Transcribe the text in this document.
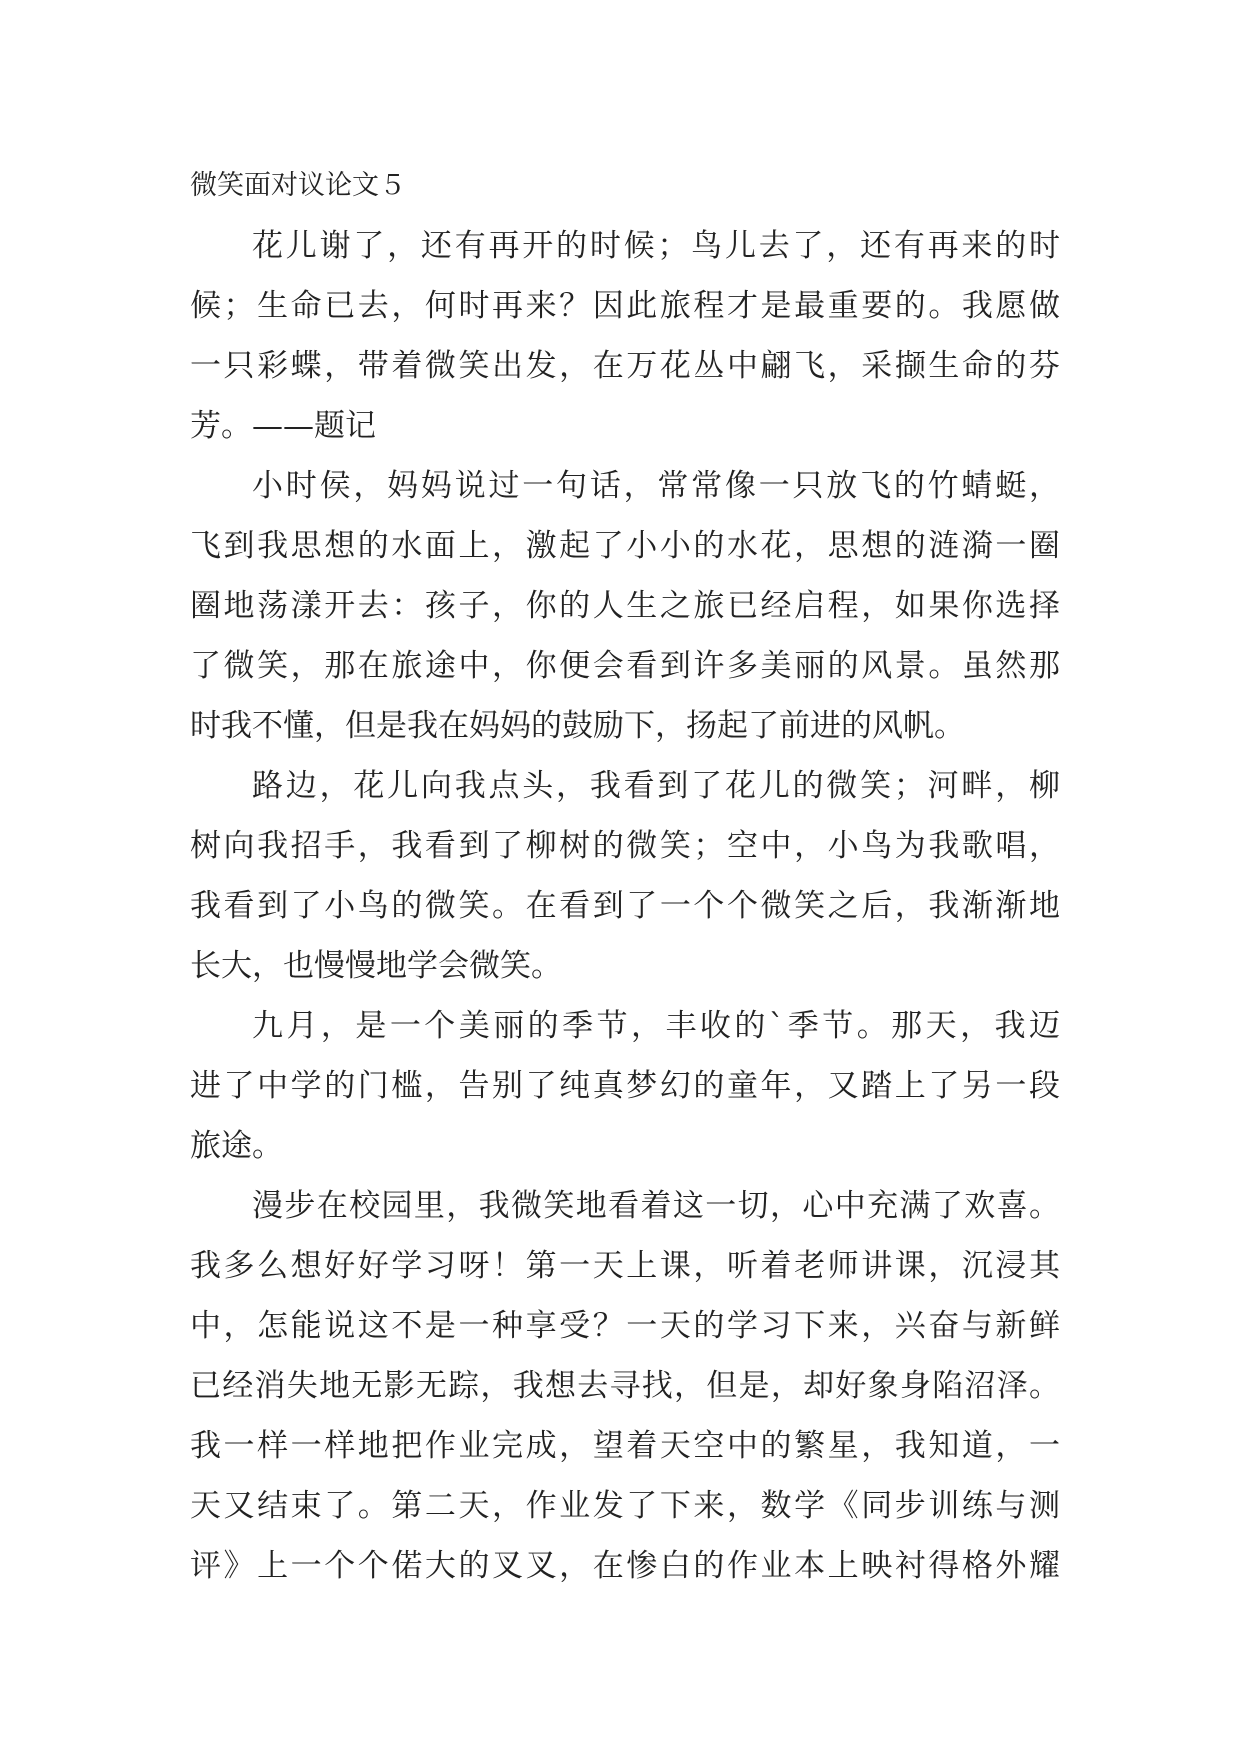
微笑面对议论文５
花儿谢了，还有再开的时候；鸟儿去了，还有再来的时
候；生命已去，何时再来？因此旅程才是最重要的。我愿做
一只彩蝶，带着微笑出发，在万花丛中翩飞，采撷生命的芬
芳。——题记
小时侯，妈妈说过一句话，常常像一只放飞的竹蜻蜓，
飞到我思想的水面上，激起了小小的水花，思想的涟漪一圈
圈地荡漾开去：孩子，你的人生之旅已经启程，如果你选择
了微笑，那在旅途中，你便会看到许多美丽的风景。虽然那
时我不懂，但是我在妈妈的鼓励下，扬起了前进的风帆。
路边，花儿向我点头，我看到了花儿的微笑；河畔，柳
树向我招手，我看到了柳树的微笑；空中，小鸟为我歌唱，
我看到了小鸟的微笑。在看到了一个个微笑之后，我渐渐地
长大，也慢慢地学会微笑。
九月，是一个美丽的季节，丰收的`季节。那天，我迈
进了中学的门槛，告别了纯真梦幻的童年，又踏上了另一段
旅途。
漫步在校园里，我微笑地看着这一切，心中充满了欢喜。
我多么想好好学习呀！第一天上课，听着老师讲课，沉浸其
中，怎能说这不是一种享受？一天的学习下来，兴奋与新鲜
已经消失地无影无踪，我想去寻找，但是，却好象身陷沼泽。
我一样一样地把作业完成，望着天空中的繁星，我知道，一
天又结束了。第二天，作业发了下来，数学《同步训练与测
评》上一个个偌大的叉叉，在惨白的作业本上映衬得格外耀
